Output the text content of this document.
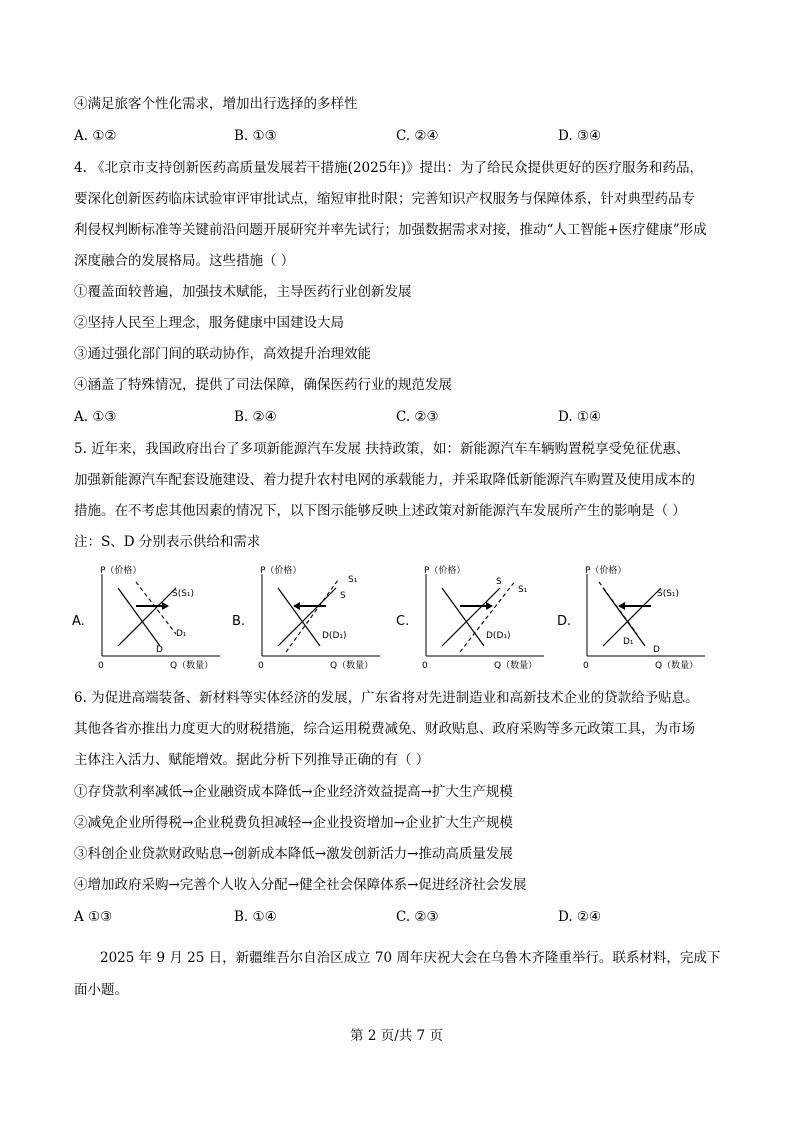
④满足旅客个性化需求，增加出行选择的多样性
A. ①②	B. ①③	C. ②④	D. ③④
4. 《北京市支持创新医药高质量发展若干措施(2025年)》提出：为了给民众提供更好的医疗服务和药品，
要深化创新医药临床试验审评审批试点，缩短审批时限；完善知识产权服务与保障体系，针对典型药品专
利侵权判断标准等关键前沿问题开展研究并率先试行；加强数据需求对接，推动“人工智能+医疗健康”形成
深度融合的发展格局。这些措施（ ）
①覆盖面较普遍，加强技术赋能，主导医药行业创新发展
②坚持人民至上理念，服务健康中国建设大局
③通过强化部门间的联动协作，高效提升治理效能
④涵盖了特殊情况，提供了司法保障，确保医药行业的规范发展
A. ①③	B. ②④	C. ②③	D. ①④
5. 近年来，我国政府出台了多项新能源汽车发展 扶持政策，如：新能源汽车车辆购置税享受免征优惠、
加强新能源汽车配套设施建设、着力提升农村电网的承载能力，并采取降低新能源汽车购置及使用成本的
措施。在不考虑其他因素的情况下，以下图示能够反映上述政策对新能源汽车发展所产生的影响是（ ）
注：S、D 分别表示供给和需求
A.
P（价格）
Q（数量）
0
S(S₁)
D
D₁
B.
P（价格）
Q（数量）
0
S
D(D₁)
S₁
C.
P（价格）
Q（数量）
0
S
D(D₁)
S₁
D.
P（价格）
Q（数量）
0
S(S₁)
D
D₁
6. 为促进高端装备、新材料等实体经济的发展，广东省将对先进制造业和高新技术企业的贷款给予贴息。
其他各省亦推出力度更大的财税措施，综合运用税费减免、财政贴息、政府采购等多元政策工具，为市场
主体注入活力、赋能增效。据此分析下列推导正确的有（ ）
①存贷款利率减低→企业融资成本降低→企业经济效益提高→扩大生产规模
②减免企业所得税→企业税费负担减轻→企业投资增加→企业扩大生产规模
③科创企业贷款财政贴息→创新成本降低→激发创新活力→推动高质量发展
④增加政府采购→完善个人收入分配→健全社会保障体系→促进经济社会发展
A ①③	B. ①④	C. ②③	D. ②④
2025 年 9 月 25 日，新疆维吾尔自治区成立 70 周年庆祝大会在乌鲁木齐隆重举行。联系材料，完成下
面小题。
第 2 页/共 7 页
